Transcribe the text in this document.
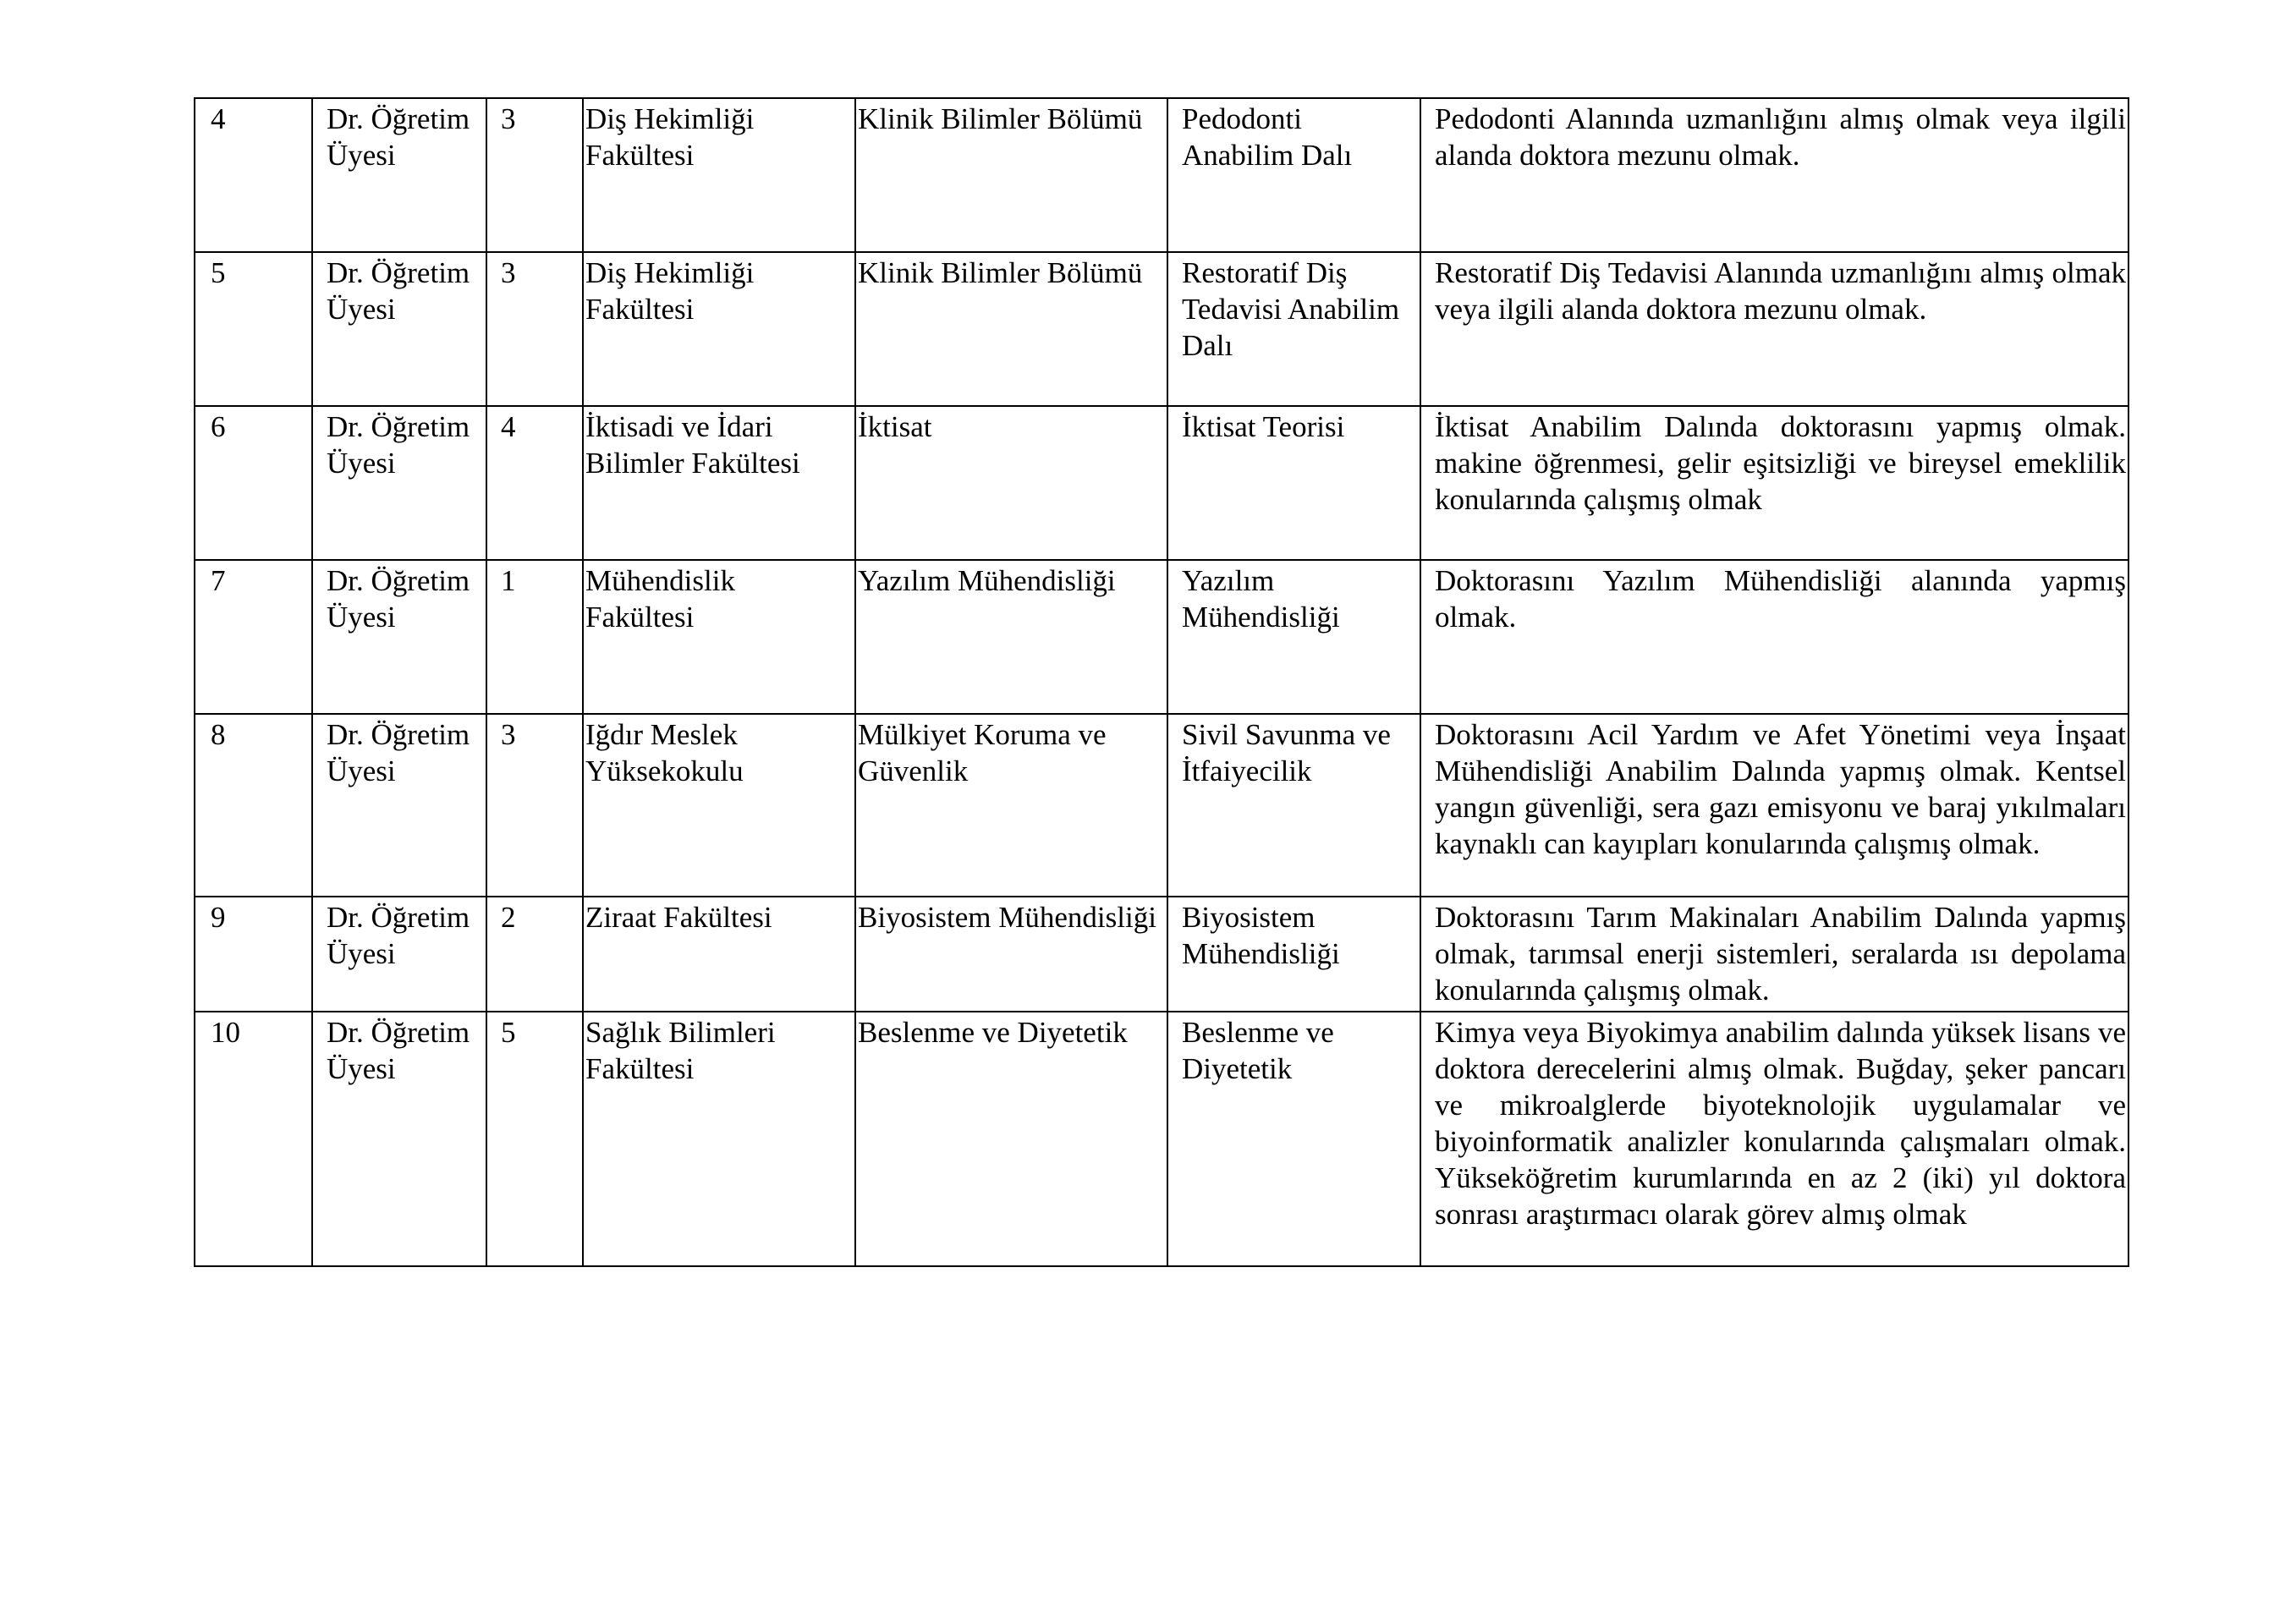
4	Dr. Öğretim Üyesi	3	Diş Hekimliği Fakültesi	Klinik Bilimler Bölümü	Pedodonti Anabilim Dalı	Pedodonti Alanında uzmanlığını almış olmak veya ilgili alanda doktora mezunu olmak.
5	Dr. Öğretim Üyesi	3	Diş Hekimliği Fakültesi	Klinik Bilimler Bölümü	Restoratif Diş Tedavisi Anabilim Dalı	Restoratif Diş Tedavisi Alanında uzmanlığını almış olmak veya ilgili alanda doktora mezunu olmak.
6	Dr. Öğretim Üyesi	4	İktisadi ve İdari Bilimler Fakültesi	İktisat	İktisat Teorisi	İktisat Anabilim Dalında doktorasını yapmış olmak. makine öğrenmesi, gelir eşitsizliği ve bireysel emeklilik konularında çalışmış olmak
7	Dr. Öğretim Üyesi	1	Mühendislik Fakültesi	Yazılım Mühendisliği	Yazılım Mühendisliği	Doktorasını Yazılım Mühendisliği alanında yapmış olmak.
8	Dr. Öğretim Üyesi	3	Iğdır Meslek Yüksekokulu	Mülkiyet Koruma ve Güvenlik	Sivil Savunma ve İtfaiyecilik	Doktorasını Acil Yardım ve Afet Yönetimi veya İnşaat Mühendisliği Anabilim Dalında yapmış olmak. Kentsel yangın güvenliği, sera gazı emisyonu ve baraj yıkılmaları kaynaklı can kayıpları konularında çalışmış olmak.
9	Dr. Öğretim Üyesi	2	Ziraat Fakültesi	Biyosistem Mühendisliği	Biyosistem Mühendisliği	Doktorasını Tarım Makinaları Anabilim Dalında yapmış olmak, tarımsal enerji sistemleri, seralarda ısı depolama konularında çalışmış olmak.
10	Dr. Öğretim Üyesi	5	Sağlık Bilimleri Fakültesi	Beslenme ve Diyetetik	Beslenme ve Diyetetik	Kimya veya Biyokimya anabilim dalında yüksek lisans ve doktora derecelerini almış olmak. Buğday, şeker pancarı ve mikroalglerde biyoteknolojik uygulamalar ve biyoinformatik analizler konularında çalışmaları olmak. Yükseköğretim kurumlarında en az 2 (iki) yıl doktora sonrası araştırmacı olarak görev almış olmak
